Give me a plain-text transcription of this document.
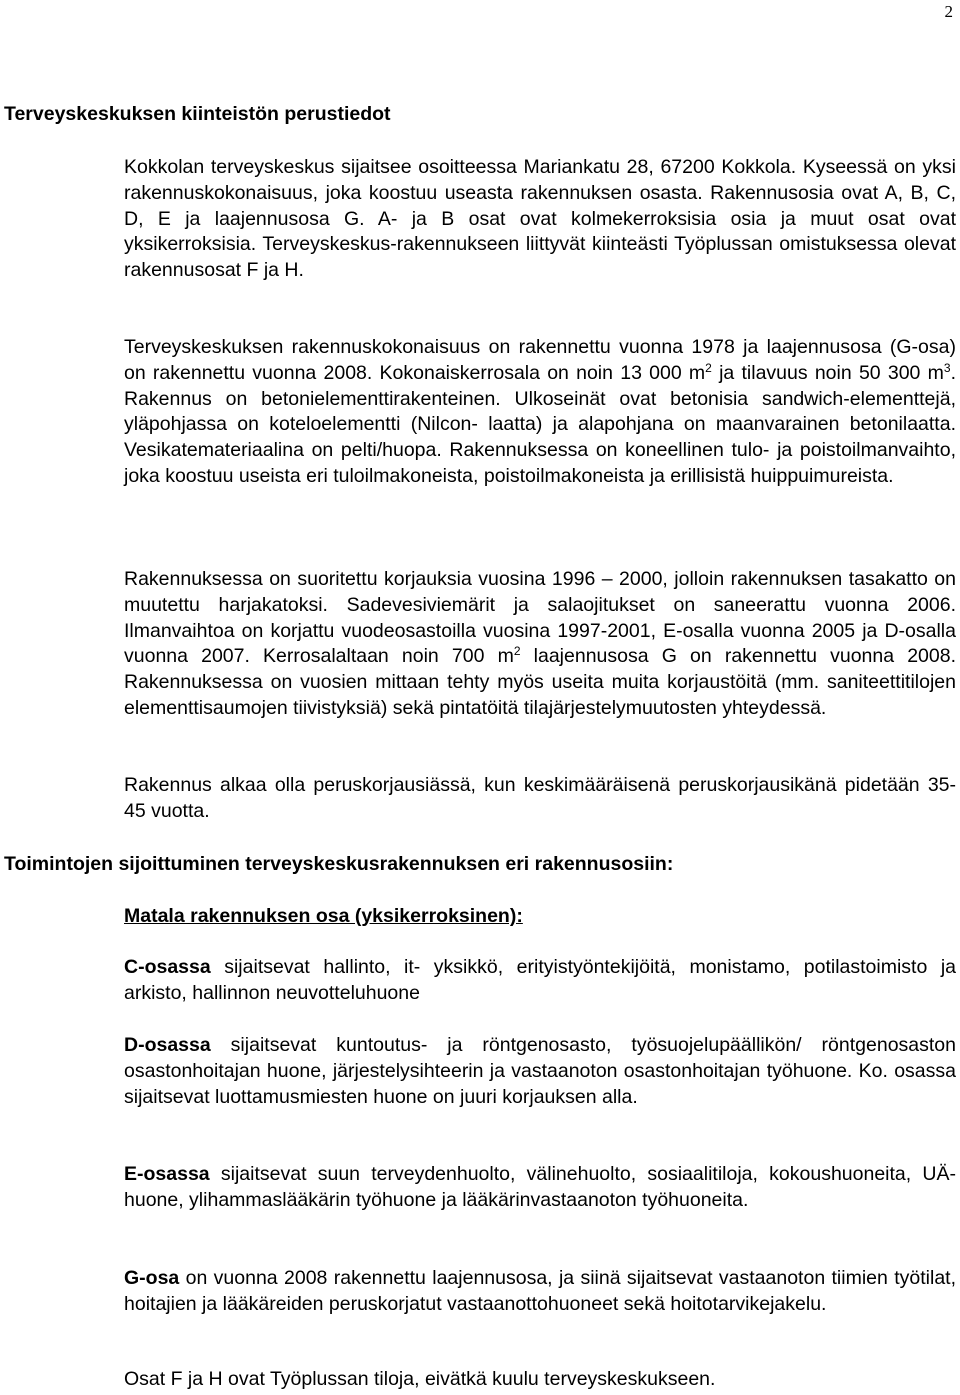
2
Terveyskeskuksen kiinteistön perustiedot

Kokkolan terveyskeskus sijaitsee osoitteessa Mariankatu 28, 67200 Kokkola. Kyseessä on yksi rakennuskokonaisuus, joka koostuu useasta rakennuksen osasta. Rakennusosia ovat A, B, C, D, E ja laajennusosa G. A- ja B osat ovat kolmekerroksisia osia ja muut osat ovat yksikerroksisia. Terveyskeskus-rakennukseen liittyvät kiinteästi Työplussan omistuksessa olevat rakennusosat F ja H.

Terveyskeskuksen rakennuskokonaisuus on rakennettu vuonna 1978 ja laajennusosa (G-osa) on rakennettu vuonna 2008. Kokonaiskerrosala on noin 13 000 $m^2$ ja tilavuus noin 50 300 $m^3$. Rakennus on betonielementtirakenteinen. Ulkoseinät ovat betonisia sandwich-elementtejä, yläpohjassa on koteloelementti (Nilcon- laatta) ja alapohjana on maanvarainen betonilaatta. Vesikatemateriaalina on pelti/huopa. Rakennuksessa on koneellinen tulo- ja poistoilmanvaihto, joka koostuu useista eri tuloilmakoneista, poistoilmakoneista ja erillisistä huippuimureista.

Rakennuksessa on suoritettu korjauksia vuosina 1996 – 2000, jolloin rakennuksen tasakatto on muutettu harjakatoksi. Sadevesiviemärit ja salaojitukset on saneerattu vuonna 2006. Ilmanvaihtoa on korjattu vuodeosastoilla vuosina 1997-2001, E-osalla vuonna 2005 ja D-osalla vuonna 2007. Kerrosalaltaan noin 700 $m^2$ laajennusosa G on rakennettu vuonna 2008. Rakennuksessa on vuosien mittaan tehty myös useita muita korjaustöitä (mm. saniteettitilojen elementtisaumojen tiivistyksiä) sekä pintatöitä tilajärjestelymuutosten yhteydessä.

Rakennus alkaa olla peruskorjausiässä, kun keskimääräisenä peruskorjausikänä pidetään 35- 45 vuotta.

Toimintojen sijoittuminen terveyskeskusrakennuksen eri rakennusosiin:
Matala rakennuksen osa (yksikerroksinen):

C-osassa sijaitsevat hallinto, it- yksikkö, erityistyöntekijöitä, monistamo, potilastoimisto ja arkisto, hallinnon neuvotteluhuone

D-osassa sijaitsevat kuntoutus- ja röntgenosasto, työsuojelupäällikön/ röntgenosaston osastonhoitajan huone, järjestelysihteerin ja vastaanoton osastonhoitajan työhuone. Ko. osassa sijaitsevat luottamusmiesten huone on juuri korjauksen alla.

E-osassa sijaitsevat suun terveydenhuolto, välinehuolto, sosiaalitiloja, kokoushuoneita, UÄ- huone, ylihammaslääkärin työhuone ja lääkärinvastaanoton työhuoneita.

G-osa on vuonna 2008 rakennettu laajennusosa, ja siinä sijaitsevat vastaanoton tiimien työtilat, hoitajien ja lääkäreiden peruskorjatut vastaanottohuoneet sekä hoitotarvikejakelu.

Osat F ja H ovat Työplussan tiloja, eivätkä kuulu terveyskeskukseen.
